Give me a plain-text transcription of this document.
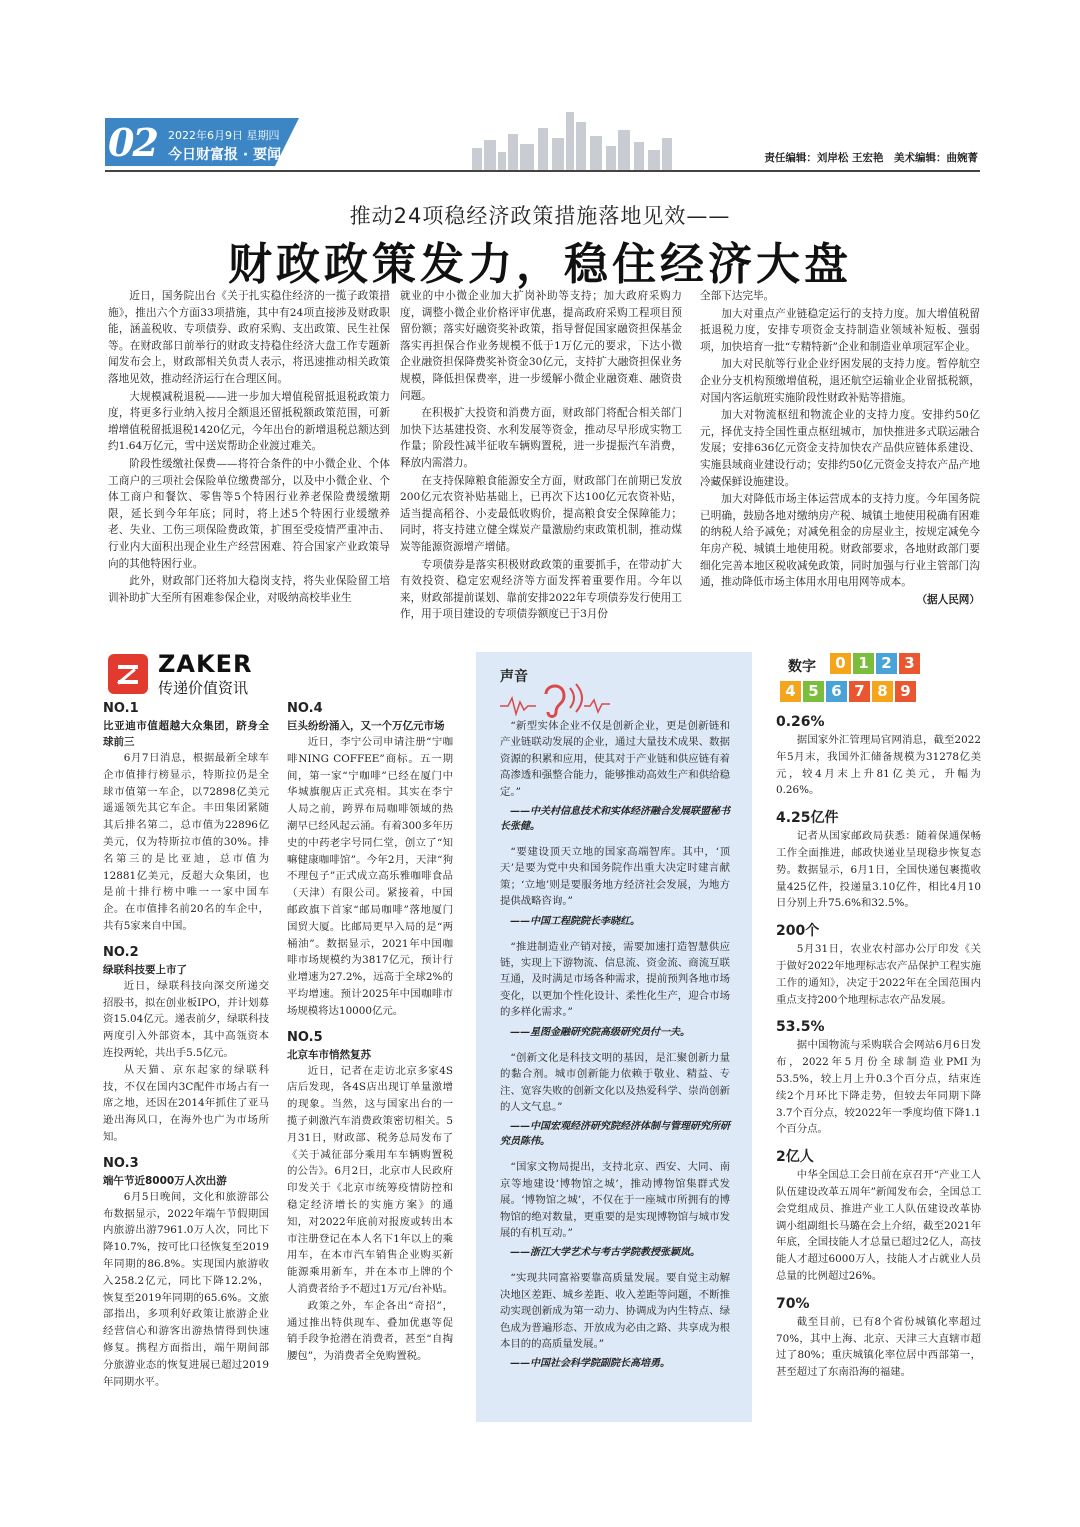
02 2022年6月9日 星期四
今日财富报 · 要闻	责任编辑：刘岸松 王宏艳　美术编辑：曲婉菁
推动24项稳经济政策措施落地见效——
财政政策发力，稳住经济大盘

近日，国务院出台《关于扎实稳住经济的一揽子政策措施》，推出六个方面33项措施，其中有24项直接涉及财政职能，涵盖税收、专项债券、政府采购、支出政策、民生社保等。在财政部日前举行的财政支持稳住经济大盘工作专题新闻发布会上，财政部相关负责人表示，将迅速推动相关政策落地见效，推动经济运行在合理区间。

大规模减税退税——进一步加大增值税留抵退税政策力度，将更多行业纳入按月全额退还留抵税额政策范围，可新增增值税留抵退税1420亿元，今年出台的新增退税总额达到约1.64万亿元，雪中送炭帮助企业渡过难关。

阶段性缓缴社保费——将符合条件的中小微企业、个体工商户的三项社会保险单位缴费部分，以及中小微企业、个体工商户和餐饮、零售等5个特困行业养老保险费缓缴期限，延长到今年年底；同时，将上述5个特困行业缓缴养老、失业、工伤三项保险费政策，扩围至受疫情严重冲击、行业内大面积出现企业生产经营困难、符合国家产业政策导向的其他特困行业。

此外，财政部门还将加大稳岗支持，将失业保险留工培训补助扩大至所有困难参保企业，对吸纳高校毕业生

就业的中小微企业加大扩岗补助等支持；加大政府采购力度，调整小微企业价格评审优惠，提高政府采购工程项目预留份额；落实好融资奖补政策，指导督促国家融资担保基金落实再担保合作业务规模不低于1万亿元的要求，下达小微企业融资担保降费奖补资金30亿元，支持扩大融资担保业务规模，降低担保费率，进一步缓解小微企业融资难、融资贵问题。

在积极扩大投资和消费方面，财政部门将配合相关部门加快下达基建投资、水利发展等资金，推动尽早形成实物工作量；阶段性减半征收车辆购置税，进一步提振汽车消费，释放内需潜力。

在支持保障粮食能源安全方面，财政部门在前期已发放200亿元农资补贴基础上，已再次下达100亿元农资补贴，适当提高稻谷、小麦最低收购价，提高粮食安全保障能力；同时，将支持建立健全煤炭产量激励约束政策机制，推动煤炭等能源资源增产增储。

专项债券是落实积极财政政策的重要抓手，在带动扩大有效投资、稳定宏观经济等方面发挥着重要作用。今年以来，财政部提前谋划、靠前安排2022年专项债券发行使用工作，用于项目建设的专项债券额度已于3月份

全部下达完毕。

加大对重点产业链稳定运行的支持力度。加大增值税留抵退税力度，安排专项资金支持制造业领域补短板、强弱项，加快培育一批“专精特新”企业和制造业单项冠军企业。

加大对民航等行业企业纾困发展的支持力度。暂停航空企业分支机构预缴增值税，退还航空运输业企业留抵税额，对国内客运航班实施阶段性财政补贴等措施。

加大对物流枢纽和物流企业的支持力度。安排约50亿元，择优支持全国性重点枢纽城市，加快推进多式联运融合发展；安排636亿元资金支持加快农产品供应链体系建设、实施县域商业建设行动；安排约50亿元资金支持农产品产地冷藏保鲜设施建设。

加大对降低市场主体运营成本的支持力度。今年国务院已明确，鼓励各地对缴纳房产税、城镇土地使用税确有困难的纳税人给予减免；对减免租金的房屋业主，按规定减免今年房产税、城镇土地使用税。财政部要求，各地财政部门要细化完善本地区税收减免政策，同时加强与行业主管部门沟通，推动降低市场主体用水用电用网等成本。

（据人民网）
ZAKER
传递价值资讯
NO.1
比亚迪市值超越大众集团，跻身全球前三

6月7日消息，根据最新全球车企市值排行榜显示，特斯拉仍是全球市值第一车企，以72898亿美元遥遥领先其它车企。丰田集团紧随其后排名第二，总市值为22896亿美元，仅为特斯拉市值的30%。排名第三的是比亚迪，总市值为12881亿美元，反超大众集团，也是前十排行榜中唯一一家中国车企。在市值排名前20名的车企中，共有5家来自中国。

NO.2
绿联科技要上市了

近日，绿联科技向深交所递交招股书，拟在创业板IPO，并计划募资15.04亿元。递表前夕，绿联科技两度引入外部资本，其中高瓴资本连投两轮，共出手5.5亿元。

从天猫、京东起家的绿联科技，不仅在国内3C配件市场占有一席之地，还因在2014年抓住了亚马逊出海风口，在海外也广为市场所知。

NO.3
端午节近8000万人次出游

6月5日晚间，文化和旅游部公布数据显示，2022年端午节假期国内旅游出游7961.0万人次，同比下降10.7%，按可比口径恢复至2019年同期的86.8%。实现国内旅游收入258.2亿元，同比下降12.2%，恢复至2019年同期的65.6%。文旅部指出，多项利好政策让旅游企业经营信心和游客出游热情得到快速修复。携程方面指出，端午期间部分旅游业态的恢复进展已超过2019年同期水平。

NO.4
巨头纷纷涌入，又一个万亿元市场

近日，李宁公司申请注册“宁咖啡NING COFFEE”商标。五一期间，第一家“宁咖啡”已经在厦门中华城旗舰店正式亮相。其实在李宁人局之前，跨界布局咖啡领域的热潮早已经风起云涌。有着300多年历史的中药老字号同仁堂，创立了“知嘛健康咖啡馆”。今年2月，天津“狗不理包子”正式成立高乐雅咖啡食品（天津）有限公司。紧接着，中国邮政旗下首家“邮局咖啡”落地厦门国贸大厦。比邮局更早入局的是“两桶油”。数据显示，2021年中国咖啡市场规模约为3817亿元，预计行业增速为27.2%，远高于全球2%的平均增速。预计2025年中国咖啡市场规模将达10000亿元。

NO.5
北京车市悄然复苏

近日，记者在走访北京多家4S店后发现，各4S店出现订单量激增的现象。当然，这与国家出台的一揽子刺激汽车消费政策密切相关。5月31日，财政部、税务总局发布了《关于减征部分乘用车车辆购置税的公告》。6月2日，北京市人民政府印发关于《北京市统筹疫情防控和稳定经济增长的实施方案》的通知，对2022年底前对报废或转出本市注册登记在本人名下1年以上的乘用车，在本市汽车销售企业购买新能源乘用新车，并在本市上牌的个人消费者给予不超过1万元/台补贴。

政策之外，车企各出“奇招”，通过推出特供现车、叠加优惠等促销手段争抢潜在消费者，甚至“自掏腰包”，为消费者全免购置税。

声音
“新型实体企业不仅是创新企业，更是创新链和产业链联动发展的企业，通过大量技术成果、数据资源的积累和应用，使其对于产业链和供应链有着高渗透和强整合能力，能够推动高效生产和供给稳定。”
——中关村信息技术和实体经济融合发展联盟秘书长张健。
“要建设顶天立地的国家高端智库。其中，‘顶天’是要为党中央和国务院作出重大决定时建言献策；‘立地’则是要服务地方经济社会发展，为地方提供战略咨询。”
——中国工程院院长李晓红。
“推进制造业产销对接，需要加速打造智慧供应链，实现上下游物流、信息流、资金流、商流互联互通，及时满足市场各种需求，提前预判各地市场变化，以更加个性化设计、柔性化生产，迎合市场的多样化需求。”
——星图金融研究院高级研究员付一夫。
“创新文化是科技文明的基因，是汇聚创新力量的黏合剂。城市创新能力依赖于敬业、精益、专注、宽容失败的创新文化以及热爱科学、崇尚创新的人文气息。”
——中国宏观经济研究院经济体制与管理研究所研究员陈伟。
“国家文物局提出，支持北京、西安、大同、南京等地建设‘博物馆之城’，推动博物馆集群式发展。‘博物馆之城’，不仅在于一座城市所拥有的博物馆的绝对数量，更重要的是实现博物馆与城市发展的有机互动。”
——浙江大学艺术与考古学院教授张颖岚。
“实现共同富裕要靠高质量发展。要自觉主动解决地区差距、城乡差距、收入差距等问题，不断推动实现创新成为第一动力、协调成为内生特点、绿色成为普遍形态、开放成为必由之路、共享成为根本目的的高质量发展。”
——中国社会科学院副院长高培勇。
数字	0 1 2 3
4 5 6 7 8 9
0.26%

据国家外汇管理局官网消息，截至2022年5月末，我国外汇储备规模为31278亿美元，较4月末上升81亿美元，升幅为0.26%。

4.25亿件

记者从国家邮政局获悉：随着保通保畅工作全面推进，邮政快递业呈现稳步恢复态势。数据显示，6月1日，全国快递包裹揽收量425亿件，投递量3.10亿件，相比4月10日分别上升75.6%和32.5%。

200个

5月31日，农业农村部办公厅印发《关于做好2022年地理标志农产品保护工程实施工作的通知》，决定于2022年在全国范围内重点支持200个地理标志农产品发展。

53.5%

据中国物流与采购联合会网站6月6日发布，2022年5月份全球制造业PMI为53.5%，较上月上升0.3个百分点，结束连续2个月环比下降走势，但较去年同期下降3.7个百分点，较2022年一季度均值下降1.1个百分点。

2亿人

中华全国总工会日前在京召开“产业工人队伍建设改革五周年”新闻发布会，全国总工会党组成员、推进产业工人队伍建设改革协调小组副组长马璐在会上介绍，截至2021年年底，全国技能人才总量已超过2亿人，高技能人才超过6000万人，技能人才占就业人员总量的比例超过26%。

70%

截至目前，已有8个省份城镇化率超过70%，其中上海、北京、天津三大直辖市超过了80%；重庆城镇化率位居中西部第一，甚至超过了东南沿海的福建。
